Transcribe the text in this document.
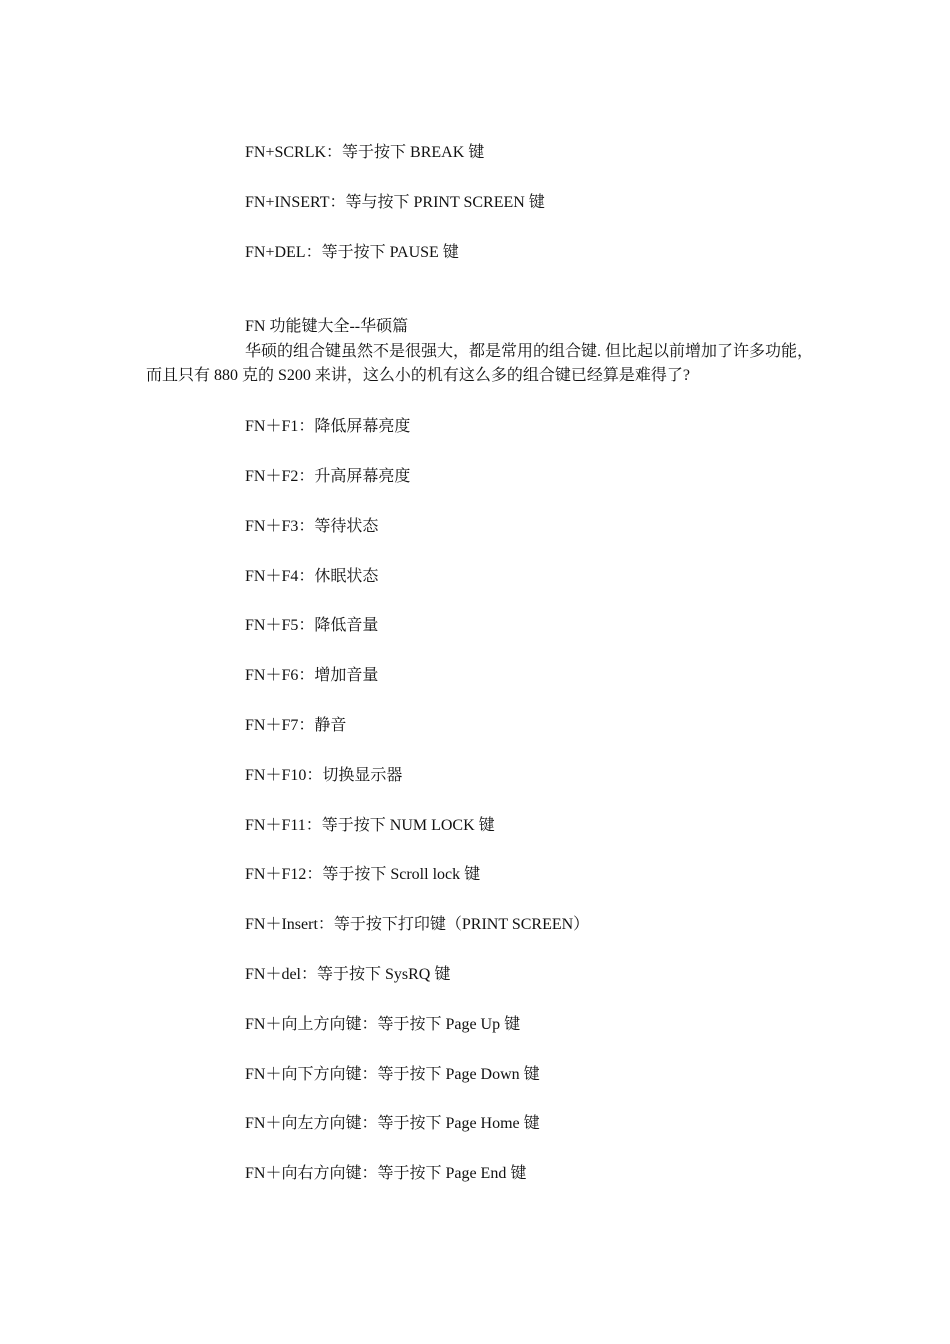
FN+SCRLK：等于按下 BREAK 键
FN+INSERT：等与按下 PRINT SCREEN 键
FN+DEL：等于按下 PAUSE 键
FN 功能键大全--华硕篇
华硕的组合键虽然不是很强大，都是常用的组合键. 但比起以前增加了许多功能，而且只有 880 克的 S200 来讲，这么小的机有这么多的组合键已经算是难得了?
FN＋F1：降低屏幕亮度
FN＋F2：升高屏幕亮度
FN＋F3：等待状态
FN＋F4：休眠状态
FN＋F5：降低音量
FN＋F6：增加音量
FN＋F7：静音
FN＋F10：切换显示器
FN＋F11：等于按下 NUM LOCK 键
FN＋F12：等于按下 Scroll lock 键
FN＋Insert：等于按下打印键（PRINT SCREEN）
FN＋del：等于按下 SysRQ 键
FN＋向上方向键：等于按下 Page Up 键
FN＋向下方向键：等于按下 Page Down 键
FN＋向左方向键：等于按下 Page Home 键
FN＋向右方向键：等于按下 Page End 键
